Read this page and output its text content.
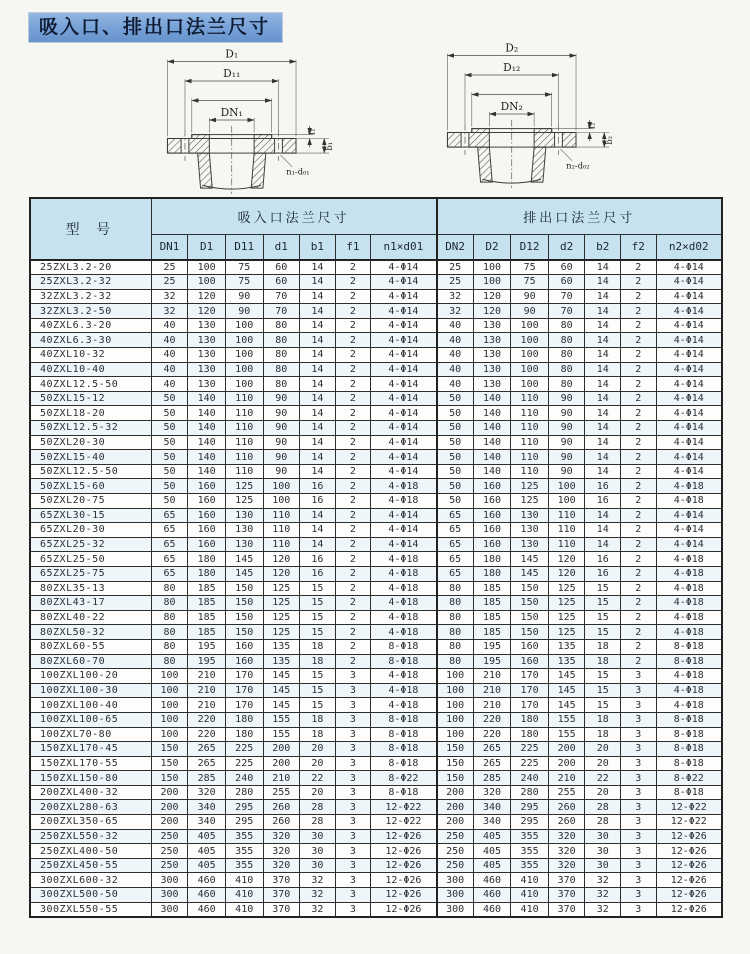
吸入口、排出口法兰尺寸
D₁
D₁₁
DN₁
f₁
b₁
n₁-d₀₁
D₂
D₁₂
DN₂
f₂
b₂
n₂-d₀₂
型 号	吸入口法兰尺寸							排出口法兰尺寸						
	DN1	D1	D11	d1	b1	f1	n1×d01	DN2	D2	D12	d2	b2	f2	n2×d02
25ZXL3.2-20	25	100	75	60	14	2	4-Φ14	25	100	75	60	14	2	4-Φ14
25ZXL3.2-32	25	100	75	60	14	2	4-Φ14	25	100	75	60	14	2	4-Φ14
32ZXL3.2-32	32	120	90	70	14	2	4-Φ14	32	120	90	70	14	2	4-Φ14
32ZXL3.2-50	32	120	90	70	14	2	4-Φ14	32	120	90	70	14	2	4-Φ14
40ZXL6.3-20	40	130	100	80	14	2	4-Φ14	40	130	100	80	14	2	4-Φ14
40ZXL6.3-30	40	130	100	80	14	2	4-Φ14	40	130	100	80	14	2	4-Φ14
40ZXL10-32	40	130	100	80	14	2	4-Φ14	40	130	100	80	14	2	4-Φ14
40ZXL10-40	40	130	100	80	14	2	4-Φ14	40	130	100	80	14	2	4-Φ14
40ZXL12.5-50	40	130	100	80	14	2	4-Φ14	40	130	100	80	14	2	4-Φ14
50ZXL15-12	50	140	110	90	14	2	4-Φ14	50	140	110	90	14	2	4-Φ14
50ZXL18-20	50	140	110	90	14	2	4-Φ14	50	140	110	90	14	2	4-Φ14
50ZXL12.5-32	50	140	110	90	14	2	4-Φ14	50	140	110	90	14	2	4-Φ14
50ZXL20-30	50	140	110	90	14	2	4-Φ14	50	140	110	90	14	2	4-Φ14
50ZXL15-40	50	140	110	90	14	2	4-Φ14	50	140	110	90	14	2	4-Φ14
50ZXL12.5-50	50	140	110	90	14	2	4-Φ14	50	140	110	90	14	2	4-Φ14
50ZXL15-60	50	160	125	100	16	2	4-Φ18	50	160	125	100	16	2	4-Φ18
50ZXL20-75	50	160	125	100	16	2	4-Φ18	50	160	125	100	16	2	4-Φ18
65ZXL30-15	65	160	130	110	14	2	4-Φ14	65	160	130	110	14	2	4-Φ14
65ZXL20-30	65	160	130	110	14	2	4-Φ14	65	160	130	110	14	2	4-Φ14
65ZXL25-32	65	160	130	110	14	2	4-Φ14	65	160	130	110	14	2	4-Φ14
65ZXL25-50	65	180	145	120	16	2	4-Φ18	65	180	145	120	16	2	4-Φ18
65ZXL25-75	65	180	145	120	16	2	4-Φ18	65	180	145	120	16	2	4-Φ18
80ZXL35-13	80	185	150	125	15	2	4-Φ18	80	185	150	125	15	2	4-Φ18
80ZXL43-17	80	185	150	125	15	2	4-Φ18	80	185	150	125	15	2	4-Φ18
80ZXL40-22	80	185	150	125	15	2	4-Φ18	80	185	150	125	15	2	4-Φ18
80ZXL50-32	80	185	150	125	15	2	4-Φ18	80	185	150	125	15	2	4-Φ18
80ZXL60-55	80	195	160	135	18	2	8-Φ18	80	195	160	135	18	2	8-Φ18
80ZXL60-70	80	195	160	135	18	2	8-Φ18	80	195	160	135	18	2	8-Φ18
100ZXL100-20	100	210	170	145	15	3	4-Φ18	100	210	170	145	15	3	4-Φ18
100ZXL100-30	100	210	170	145	15	3	4-Φ18	100	210	170	145	15	3	4-Φ18
100ZXL100-40	100	210	170	145	15	3	4-Φ18	100	210	170	145	15	3	4-Φ18
100ZXL100-65	100	220	180	155	18	3	8-Φ18	100	220	180	155	18	3	8-Φ18
100ZXL70-80	100	220	180	155	18	3	8-Φ18	100	220	180	155	18	3	8-Φ18
150ZXL170-45	150	265	225	200	20	3	8-Φ18	150	265	225	200	20	3	8-Φ18
150ZXL170-55	150	265	225	200	20	3	8-Φ18	150	265	225	200	20	3	8-Φ18
150ZXL150-80	150	285	240	210	22	3	8-Φ22	150	285	240	210	22	3	8-Φ22
200ZXL400-32	200	320	280	255	20	3	8-Φ18	200	320	280	255	20	3	8-Φ18
200ZXL280-63	200	340	295	260	28	3	12-Φ22	200	340	295	260	28	3	12-Φ22
200ZXL350-65	200	340	295	260	28	3	12-Φ22	200	340	295	260	28	3	12-Φ22
250ZXL550-32	250	405	355	320	30	3	12-Φ26	250	405	355	320	30	3	12-Φ26
250ZXL400-50	250	405	355	320	30	3	12-Φ26	250	405	355	320	30	3	12-Φ26
250ZXL450-55	250	405	355	320	30	3	12-Φ26	250	405	355	320	30	3	12-Φ26
300ZXL600-32	300	460	410	370	32	3	12-Φ26	300	460	410	370	32	3	12-Φ26
300ZXL500-50	300	460	410	370	32	3	12-Φ26	300	460	410	370	32	3	12-Φ26
300ZXL550-55	300	460	410	370	32	3	12-Φ26	300	460	410	370	32	3	12-Φ26
